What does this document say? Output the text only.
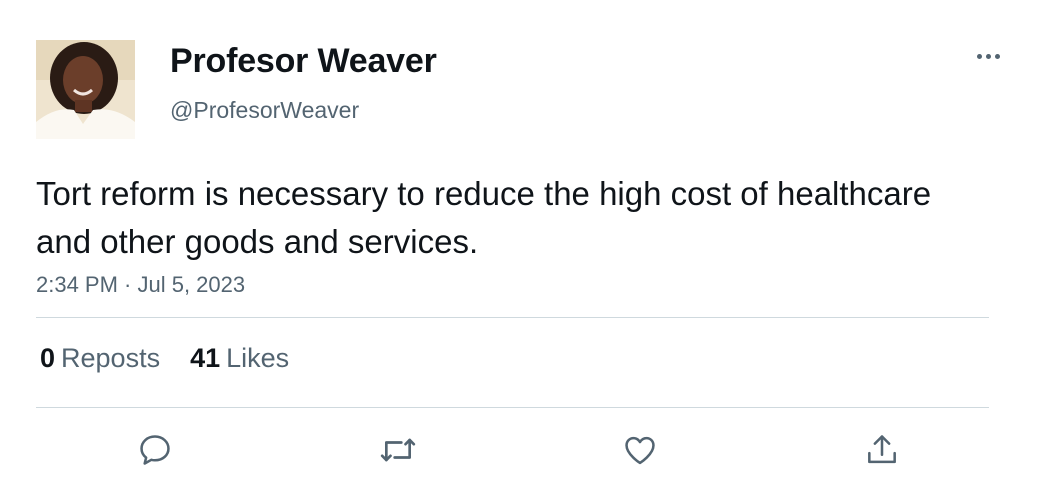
Profesor Weaver
@ProfesorWeaver
Tort reform is necessary to reduce the high cost of healthcare and other goods and services.
2:34 PM · Jul 5, 2023
0 Reposts 41 Likes
